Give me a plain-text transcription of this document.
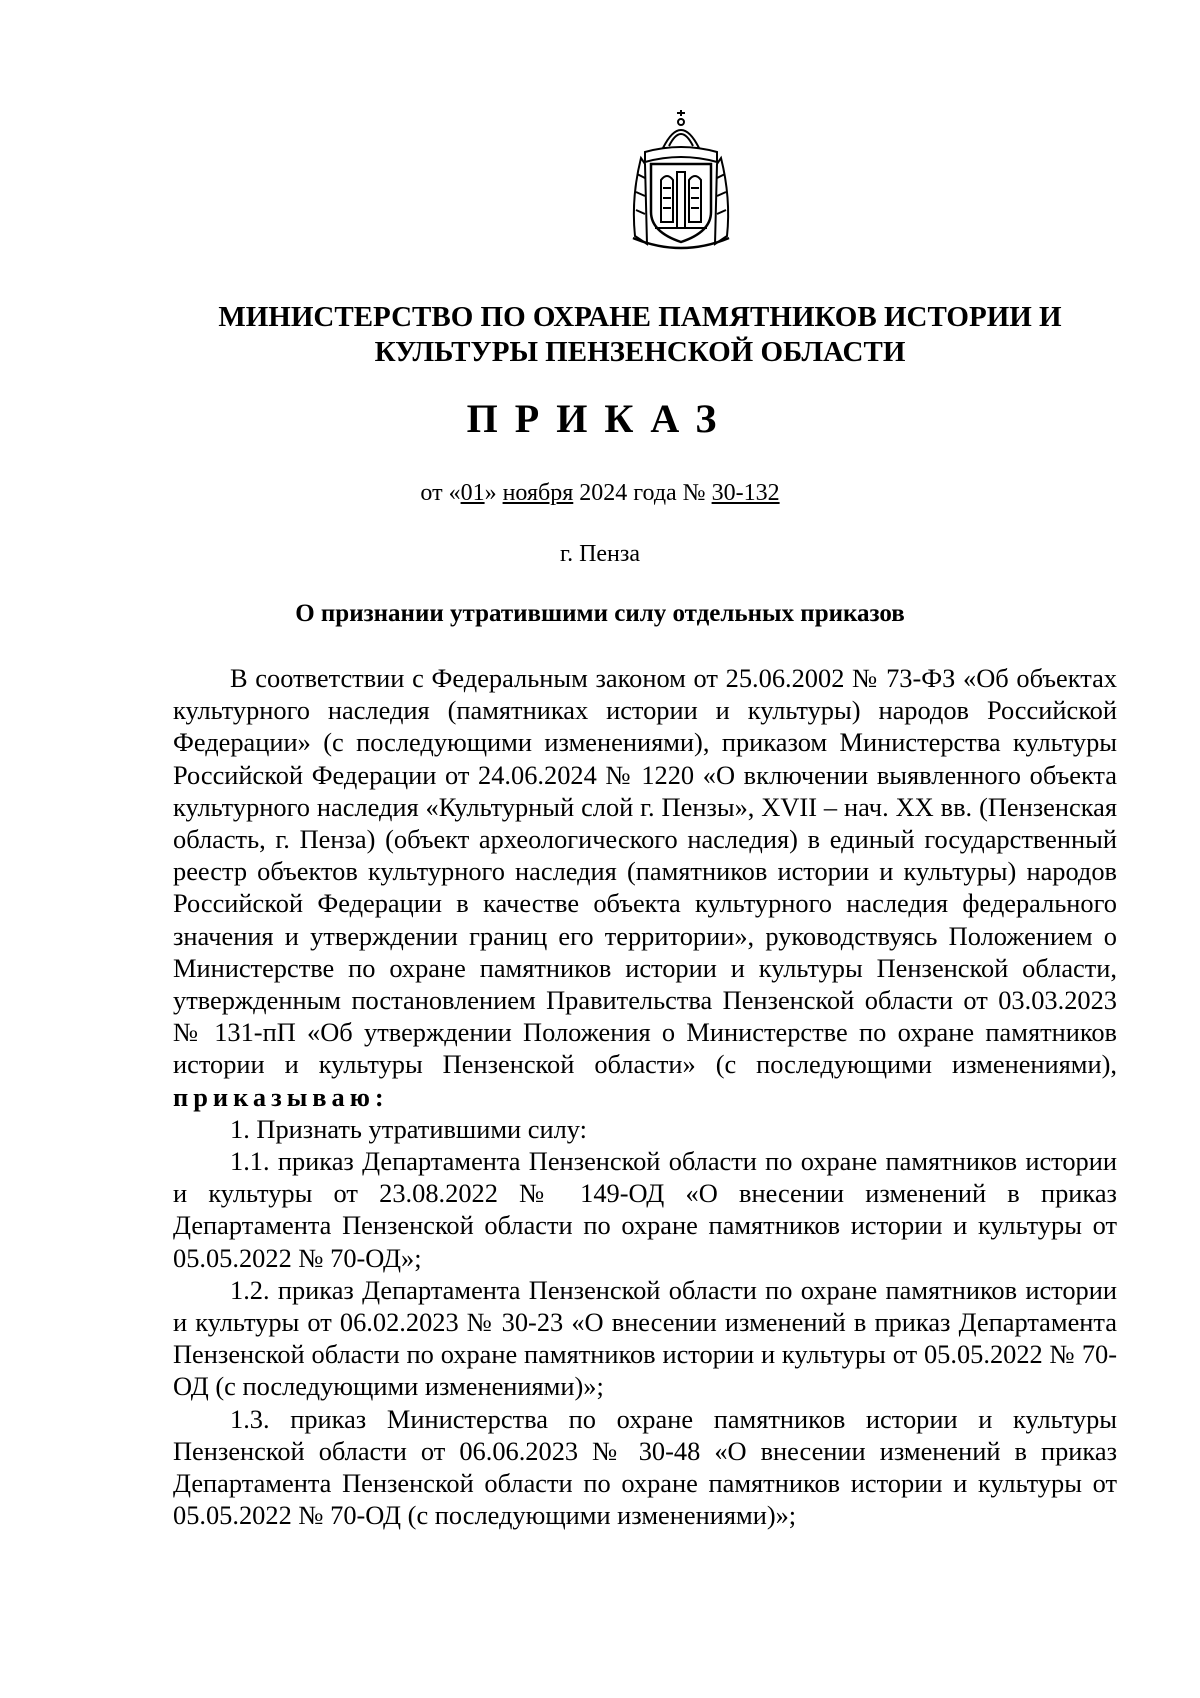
МИНИСТЕРСТВО ПО ОХРАНЕ ПАМЯТНИКОВ ИСТОРИИ И
КУЛЬТУРЫ ПЕНЗЕНСКОЙ ОБЛАСТИ
ПРИКАЗ
от «01» ноября 2024 года № 30-132
г. Пенза
О признании утратившими силу отдельных приказов

В соответствии с Федеральным законом от 25.06.2002 № 73-ФЗ «Об объектах культурного наследия (памятниках истории и культуры) народов Российской Федерации» (с последующими изменениями), приказом Министерства культуры Российской Федерации от 24.06.2024 № 1220 «О включении выявленного объекта культурного наследия «Культурный слой г. Пензы», XVII – нач. XX вв. (Пензенская область, г. Пенза) (объект археологического наследия) в единый государственный реестр объектов культурного наследия (памятников истории и культуры) народов Российской Федерации в качестве объекта культурного наследия федерального значения и утверждении границ его территории», руководствуясь Положением о Министерстве по охране памятников истории и культуры Пензенской области, утвержденным постановлением Правительства Пензенской области от 03.03.2023 № 131-пП «Об утверждении Положения о Министерстве по охране памятников истории и культуры Пензенской области» (с последующими изменениями), приказываю:

1. Признать утратившими силу:

1.1. приказ Департамента Пензенской области по охране памятников истории и культуры от 23.08.2022 № 149-ОД «О внесении изменений в приказ Департамента Пензенской области по охране памятников истории и культуры от 05.05.2022 № 70-ОД»;

1.2. приказ Департамента Пензенской области по охране памятников истории и культуры от 06.02.2023 № 30-23 «О внесении изменений в приказ Департамента Пензенской области по охране памятников истории и культуры от 05.05.2022 № 70-ОД (с последующими изменениями)»;

1.3. приказ Министерства по охране памятников истории и культуры Пензенской области от 06.06.2023 № 30-48 «О внесении изменений в приказ Департамента Пензенской области по охране памятников истории и культуры от 05.05.2022 № 70-ОД (с последующими изменениями)»;
